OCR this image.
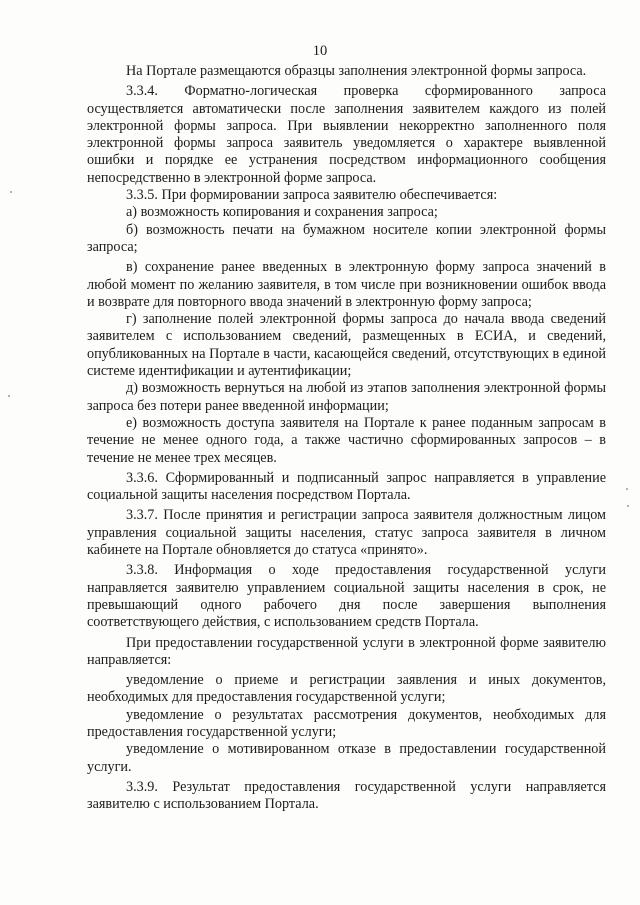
10

На Портале размещаются образцы заполнения электронной формы запроса.

3.3.4. Форматно-логическая проверка сформированного запроса осуществляется автоматически после заполнения заявителем каждого из полей электронной формы запроса. При выявлении некорректно заполненного поля электронной формы запроса заявитель уведомляется о характере выявленной ошибки и порядке ее устранения посредством информационного сообщения непосредственно в электронной форме запроса.

3.3.5. При формировании запроса заявителю обеспечивается:

а) возможность копирования и сохранения запроса;

б) возможность печати на бумажном носителе копии электронной формы запроса;

в) сохранение ранее введенных в электронную форму запроса значений в любой момент по желанию заявителя, в том числе при возникновении ошибок ввода и возврате для повторного ввода значений в электронную форму запроса;

г) заполнение полей электронной формы запроса до начала ввода сведений заявителем с использованием сведений, размещенных в ЕСИА, и сведений, опубликованных на Портале в части, касающейся сведений, отсутствующих в единой системе идентификации и аутентификации;

д) возможность вернуться на любой из этапов заполнения электронной формы запроса без потери ранее введенной информации;

е) возможность доступа заявителя на Портале к ранее поданным запросам в течение не менее одного года, а также частично сформированных запросов – в течение не менее трех месяцев.

3.3.6. Сформированный и подписанный запрос направляется в управление социальной защиты населения посредством Портала.

3.3.7. После принятия и регистрации запроса заявителя должностным лицом управления социальной защиты населения, статус запроса заявителя в личном кабинете на Портале обновляется до статуса «принято».

3.3.8. Информация о ходе предоставления государственной услуги направляется заявителю управлением социальной защиты населения в срок, не превышающий одного рабочего дня после завершения выполнения соответствующего действия, с использованием средств Портала.

При предоставлении государственной услуги в электронной форме заявителю направляется:

уведомление о приеме и регистрации заявления и иных документов, необходимых для предоставления государственной услуги;

уведомление о результатах рассмотрения документов, необходимых для предоставления государственной услуги;

уведомление о мотивированном отказе в предоставлении государственной услуги.

3.3.9. Результат предоставления государственной услуги направляется заявителю с использованием Портала.
